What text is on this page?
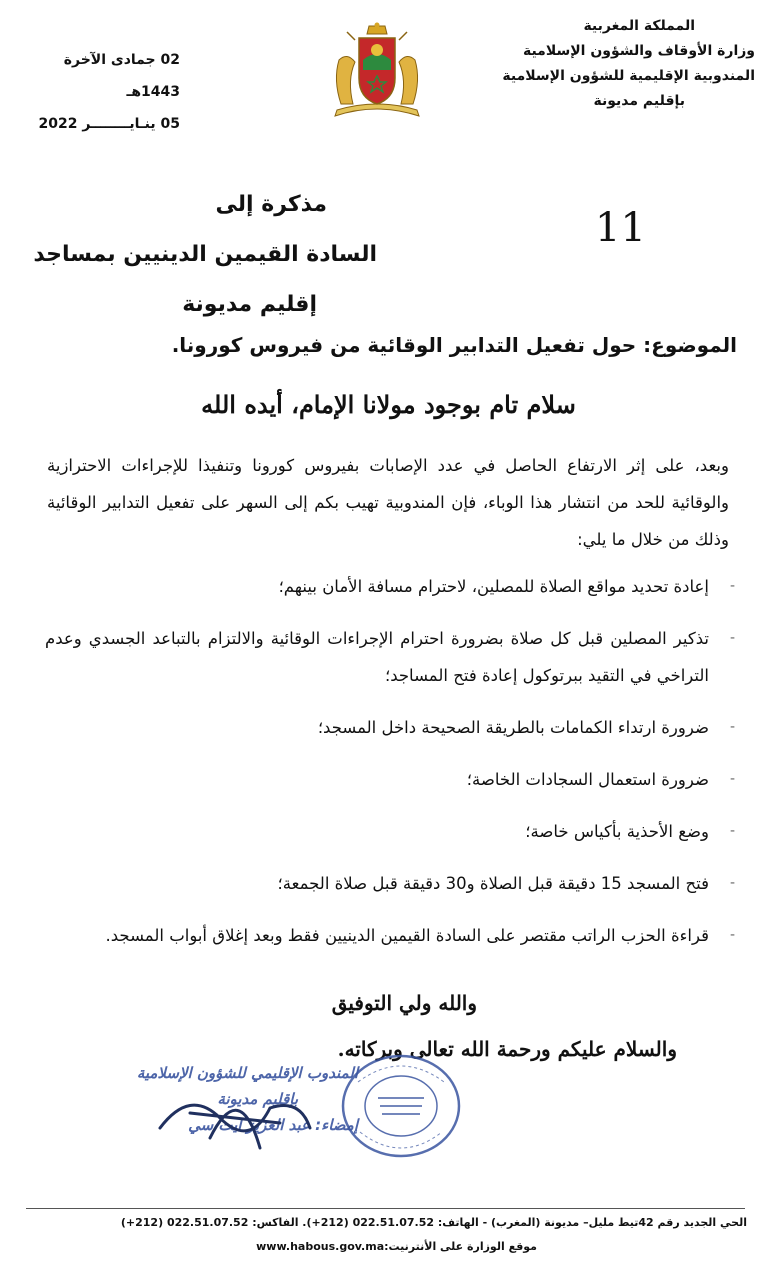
المملكة المغربية
وزارة الأوقاف والشؤون الإسلامية
المندوبية الإقليمية للشؤون الإسلامية
بإقليم مديونة
02 جمادى الآخرة 1443هـ
05 ينـايــــــــر 2022
11
مذكرة إلى
السادة القيمين الدينيين بمساجد
إقليم مديونة
الموضوع: حول تفعيل التدابير الوقائية من فيروس كورونا.
سلام تام بوجود مولانا الإمام، أيده الله
وبعد، على إثر الارتفاع الحاصل في عدد الإصابات بفيروس كورونا وتنفيذا للإجراءات الاحترازية والوقائية للحد من انتشار هذا الوباء، فإن المندوبية تهيب بكم إلى السهر على تفعيل التدابير الوقائية وذلك من خلال ما يلي:
-
إعادة تحديد مواقع الصلاة للمصلين، لاحترام مسافة الأمان بينهم؛
-
تذكير المصلين قبل كل صلاة بضرورة احترام الإجراءات الوقائية والالتزام بالتباعد الجسدي وعدم التراخي في التقيد ببرتوكول إعادة فتح المساجد؛
-
ضرورة ارتداء الكمامات بالطريقة الصحيحة داخل المسجد؛
-
ضرورة استعمال السجادات الخاصة؛
-
وضع الأحذية بأكياس خاصة؛
-
فتح المسجد 15 دقيقة قبل الصلاة و30 دقيقة قبل صلاة الجمعة؛
-
قراءة الحزب الراتب مقتصر على السادة القيمين الدينيين فقط وبعد إغلاق أبواب المسجد.
والله ولي التوفيق
والسلام عليكم ورحمة الله تعالى وبركاته.
المندوب الإقليمي للشؤون الإسلامية
بإقليم مديونة
إمضاء: عبد العزيز ايت سي
الحي الجديد رقم 42تيط مليل– مديونة (المغرب) - الهاتف: 022.51.07.52 (212+). الفاكس: 022.51.07.52 (212+)
موقع الوزارة على الأنترنيت:www.habous.gov.ma
